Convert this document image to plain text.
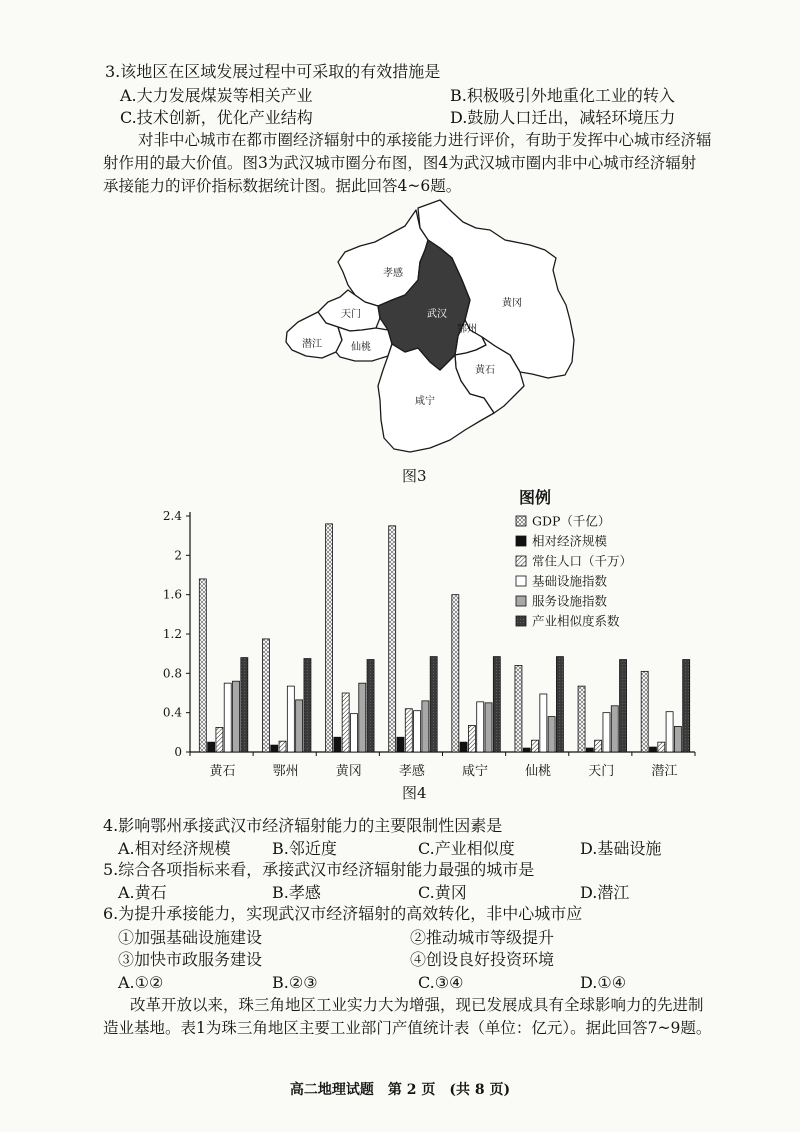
3.该地区在区域发展过程中可采取的有效措施是
A.大力发展煤炭等相关产业	B.积极吸引外地重化工业的转入
C.技术创新，优化产业结构	D.鼓励人口迁出，减轻环境压力
对非中心城市在都市圈经济辐射中的承接能力进行评价，有助于发挥中心城市经济辐
射作用的最大价值。图3为武汉城市圈分布图，图4为武汉城市圈内非中心城市经济辐射
承接能力的评价指标数据统计图。据此回答4~6题。
孝感
黄冈
天门	武汉
鄂州
潜江	仙桃
黄石
咸宁
图3
0
0.4
0.8
1.2
1.6
2
2.4
黄石	鄂州	黄冈	孝感	咸宁	仙桃	天门	潜江
图例
GDP（千亿）
相对经济规模
常住人口（千万）
基础设施指数
服务设施指数
产业相似度系数
图4
4.影响鄂州承接武汉市经济辐射能力的主要限制性因素是
A.相对经济规模	B.邻近度	C.产业相似度	D.基础设施
5.综合各项指标来看，承接武汉市经济辐射能力最强的城市是
A.黄石	B.孝感	C.黄冈	D.潜江
6.为提升承接能力，实现武汉市经济辐射的高效转化，非中心城市应
①加强基础设施建设	②推动城市等级提升
③加快市政服务建设	④创设良好投资环境
A.①②	B.②③	C.③④	D.①④
改革开放以来，珠三角地区工业实力大为增强，现已发展成具有全球影响力的先进制
造业基地。表1为珠三角地区主要工业部门产值统计表（单位：亿元）。据此回答7~9题。
高二地理试题　第 2 页　(共 8 页)
